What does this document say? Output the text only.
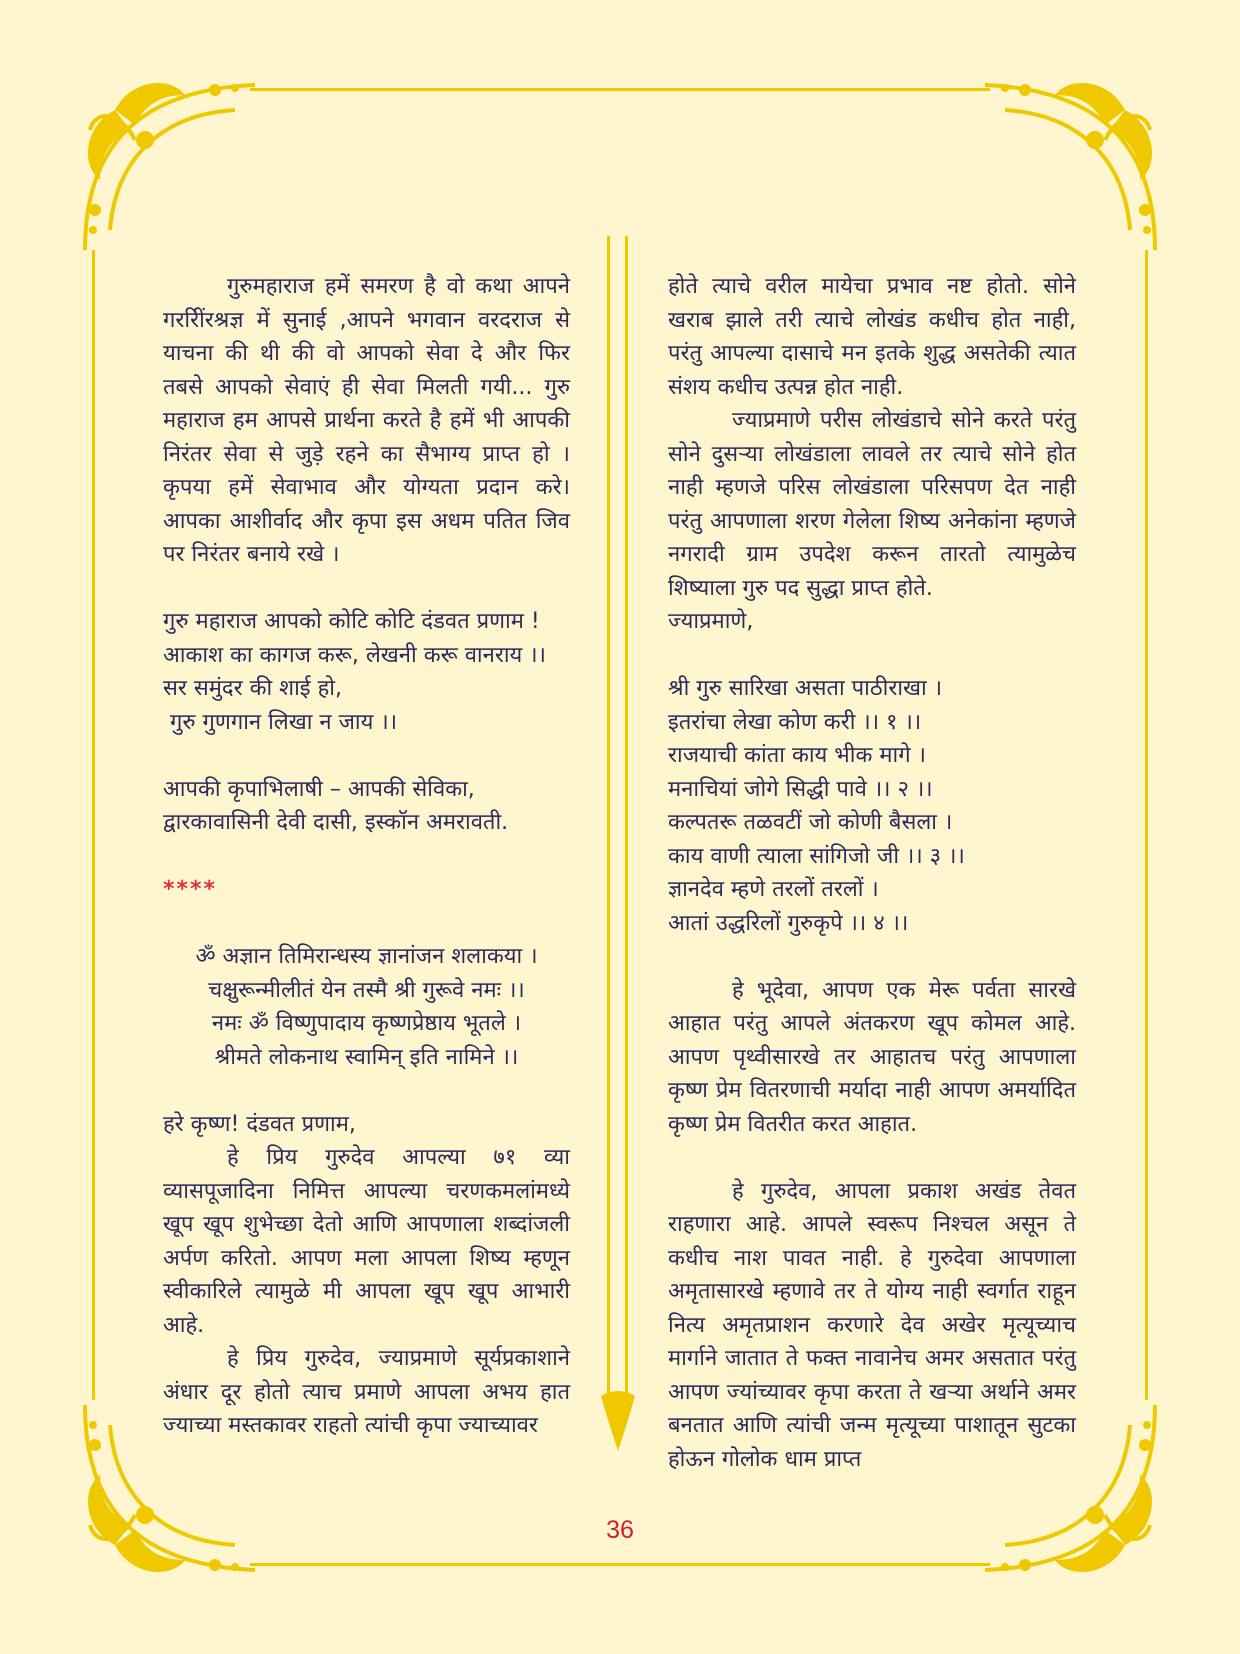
गुरुमहाराज हमें समरण है वो कथा आपने गररिींरश्रज्ञ में सुनाई ,आपने भगवान वरदराज से याचना की थी की वो आपको सेवा दे और फिर तबसे आपको सेवाएं ही सेवा मिलती गयी... गुरु महाराज हम आपसे प्रार्थना करते है हमें भी आपकी निरंतर सेवा से जुड़े रहने का सैभाग्य प्राप्त हो । कृपया हमें सेवाभाव और योग्यता प्रदान करे। आपका आशीर्वाद और कृपा इस अधम पतित जिव पर निरंतर बनाये रखे ।

गुरु महाराज आपको कोटि कोटि दंडवत प्रणाम !

आकाश का कागज करू, लेखनी करू वानराय ।।

सर समुंदर की शाई हो,

गुरु गुणगान लिखा न जाय ।।

आपकी कृपाभिलाषी – आपकी सेविका,

द्वारकावासिनी देवी दासी, इस्कॉन अमरावती.

****

ॐ अज्ञान तिमिरान्धस्य ज्ञानांजन शलाकया ।

चक्षुरून्मीलीतं येन तस्मै श्री गुरूवे नमः ।।

नमः ॐ विष्णुपादाय कृष्णप्रेष्ठाय भूतले ।

श्रीमते लोकनाथ स्वामिन् इति नामिने ।।

हरे कृष्ण! दंडवत प्रणाम,

हे प्रिय गुरुदेव आपल्या ७१ व्या व्यासपूजादिना निमित्त आपल्या चरणकमलांमध्ये खूप खूप शुभेच्छा देतो आणि आपणाला शब्दांजली अर्पण करितो. आपण मला आपला शिष्य म्हणून स्वीकारिले त्यामुळे मी आपला खूप खूप आभारी आहे.

हे प्रिय गुरुदेव, ज्याप्रमाणे सूर्यप्रकाशाने अंधार दूर होतो त्याच प्रमाणे आपला अभय हात ज्याच्या मस्तकावर राहतो त्यांची कृपा ज्याच्यावर

होते त्याचे वरील मायेचा प्रभाव नष्ट होतो. सोने खराब झाले तरी त्याचे लोखंड कधीच होत नाही, परंतु आपल्या दासाचे मन इतके शुद्ध असतेकी त्यात संशय कधीच उत्पन्न होत नाही.

ज्याप्रमाणे परीस लोखंडाचे सोने करते परंतु सोने दुसऱ्या लोखंडाला लावले तर त्याचे सोने होत नाही म्हणजे परिस लोखंडाला परिसपण देत नाही परंतु आपणाला शरण गेलेला शिष्य अनेकांना म्हणजे नगरादी ग्राम उपदेश करून तारतो त्यामुळेच शिष्याला गुरु पद सुद्धा प्राप्त होते.

ज्याप्रमाणे,

श्री गुरु सारिखा असता पाठीराखा ।

इतरांचा लेखा कोण करी ।। १ ।।

राजयाची कांता काय भीक मागे ।

मनाचियां जोगे सिद्धी पावे ।। २ ।।

कल्पतरू तळवटीं जो कोणी बैसला ।

काय वाणी त्याला सांगिजो जी ।। ३ ।।

ज्ञानदेव म्हणे तरलों तरलों ।

आतां उद्धरिलों गुरुकृपे ।। ४ ।।

हे भूदेवा, आपण एक मेरू पर्वता सारखे आहात परंतु आपले अंतकरण खूप कोमल आहे. आपण पृथ्वीसारखे तर आहातच परंतु आपणाला कृष्ण प्रेम वितरणाची मर्यादा नाही आपण अमर्यादित कृष्ण प्रेम वितरीत करत आहात.

हे गुरुदेव, आपला प्रकाश अखंड तेवत राहणारा आहे. आपले स्वरूप निश्चल असून ते कधीच नाश पावत नाही. हे गुरुदेवा आपणाला अमृतासारखे म्हणावे तर ते योग्य नाही स्वर्गात राहून नित्य अमृतप्राशन करणारे देव अखेर मृत्यूच्याच मार्गाने जातात ते फक्त नावानेच अमर असतात परंतु आपण ज्यांच्यावर कृपा करता ते खऱ्या अर्थाने अमर बनतात आणि त्यांची जन्म मृत्यूच्या पाशातून सुटका होऊन गोलोक धाम प्राप्त

36
